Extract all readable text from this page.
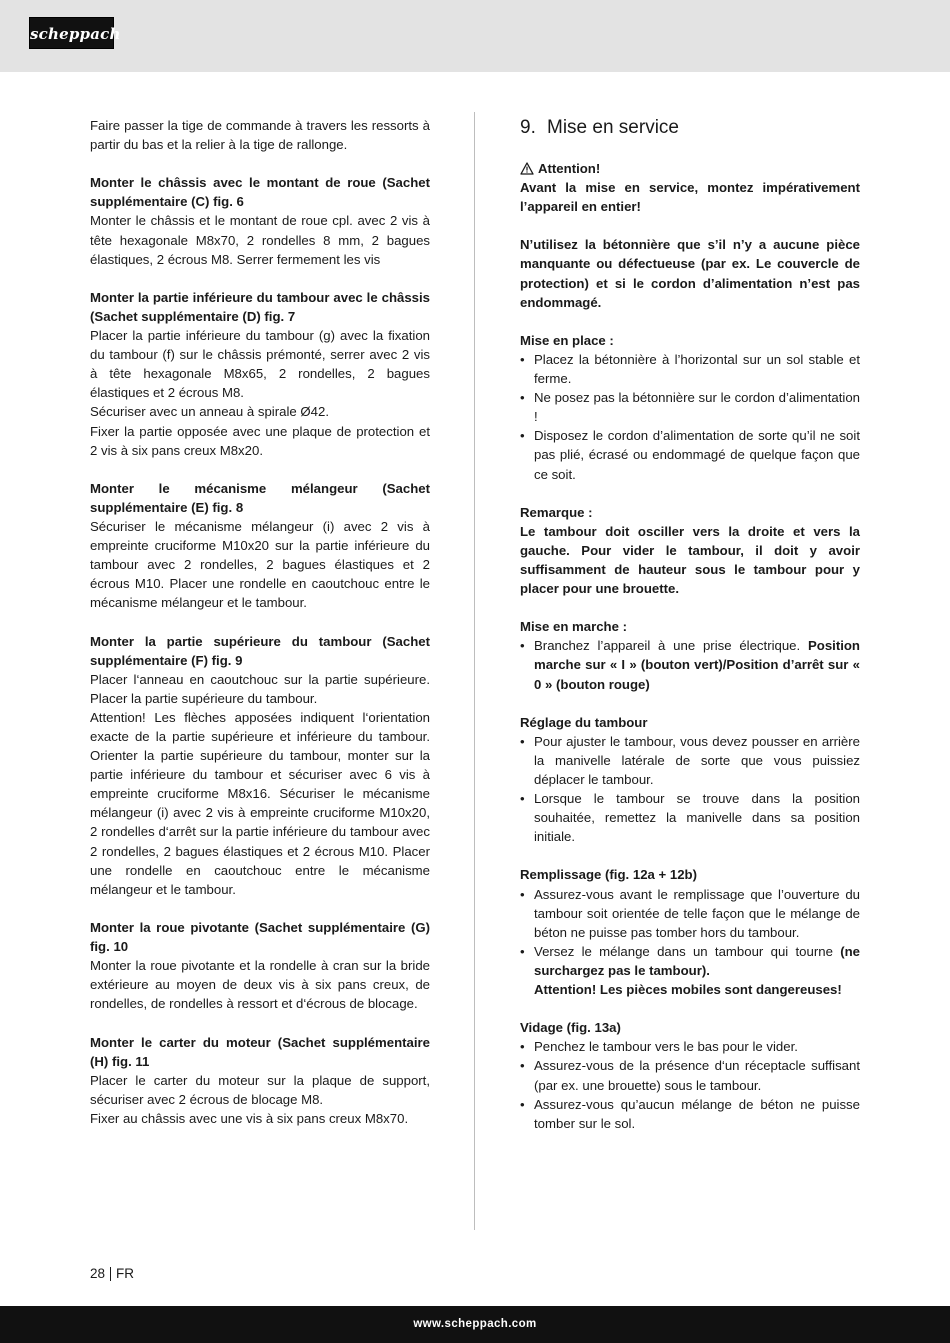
scheppach

Faire passer la tige de commande à travers les ressorts à partir du bas et la relier à la tige de rallonge.

Monter le châssis avec le montant de roue (Sachet supplémentaire (C) fig. 6

Monter le châssis et le montant de roue cpl. avec 2 vis à tête hexagonale M8x70, 2 rondelles 8 mm, 2 bagues élastiques, 2 écrous M8. Serrer fermement les vis

Monter la partie inférieure du tambour avec le châssis (Sachet supplémentaire (D) fig. 7

Placer la partie inférieure du tambour (g) avec la fixation du tambour (f) sur le châssis prémonté, serrer avec 2 vis à tête hexagonale M8x65, 2 rondelles, 2 bagues élastiques et 2 écrous M8.

Sécuriser avec un anneau à spirale Ø42.

Fixer la partie opposée avec une plaque de protection et 2 vis à six pans creux M8x20.

Monter le mécanisme mélangeur (Sachet supplémentaire (E) fig. 8

Sécuriser le mécanisme mélangeur (i) avec 2 vis à empreinte cruciforme M10x20 sur la partie inférieure du tambour avec 2 rondelles, 2 bagues élastiques et 2 écrous M10. Placer une rondelle en caoutchouc entre le mécanisme mélangeur et le tambour.

Monter la partie supérieure du tambour (Sachet supplémentaire (F) fig. 9

Placer l‘anneau en caoutchouc sur la partie supérieure. Placer la partie supérieure du tambour.

Attention! Les flèches apposées indiquent l‘orientation exacte de la partie supérieure et inférieure du tambour. Orienter la partie supérieure du tambour, monter sur la partie inférieure du tambour et sécuriser avec 6 vis à empreinte cruciforme M8x16. Sécuriser le mécanisme mélangeur (i) avec 2 vis à empreinte cruciforme M10x20, 2 rondelles d‘arrêt sur la partie inférieure du tambour avec 2 rondelles, 2 bagues élastiques et 2 écrous M10. Placer une rondelle en caoutchouc entre le mécanisme mélangeur et le tambour.

Monter la roue pivotante (Sachet supplémentaire (G) fig. 10

Monter la roue pivotante et la rondelle à cran sur la bride extérieure au moyen de deux vis à six pans creux, de rondelles, de rondelles à ressort et d‘écrous de blocage.

Monter le carter du moteur (Sachet supplémentaire (H) fig. 11

Placer le carter du moteur sur la plaque de support, sécuriser avec 2 écrous de blocage M8.

Fixer au châssis avec une vis à six pans creux M8x70.

9. Mise en service
Attention!

Avant la mise en service, montez impérativement l’appareil en entier!

N’utilisez la bétonnière que s’il n’y a aucune pièce manquante ou défectueuse (par ex. Le couvercle de protection) et si le cordon d’alimentation n’est pas endommagé.

Mise en place :

• Placez la bétonnière à l’horizontal sur un sol stable et ferme.
• Ne posez pas la bétonnière sur le cordon d’alimentation !
• Disposez le cordon d’alimentation de sorte qu’il ne soit pas plié, écrasé ou endommagé de quelque façon que ce soit.

Remarque :

Le tambour doit osciller vers la droite et vers la gauche. Pour vider le tambour, il doit y avoir suffisamment de hauteur sous le tambour pour y placer pour une brouette.

Mise en marche :

• Branchez l’appareil à une prise électrique. Position marche sur « I » (bouton vert)/Position d’arrêt sur « 0 » (bouton rouge)

Réglage du tambour

• Pour ajuster le tambour, vous devez pousser en arrière la manivelle latérale de sorte que vous puissiez déplacer le tambour.
• Lorsque le tambour se trouve dans la position souhaitée, remettez la manivelle dans sa position initiale.

Remplissage (fig. 12a + 12b)

• Assurez-vous avant le remplissage que l’ouverture du tambour soit orientée de telle façon que le mélange de béton ne puisse pas tomber hors du tambour.
• Versez le mélange dans un tambour qui tourne (ne surchargez pas le tambour).
Attention! Les pièces mobiles sont dangereuses!

Vidage (fig. 13a)

• Penchez le tambour vers le bas pour le vider.
• Assurez-vous de la présence d‘un réceptacle suffisant (par ex. une brouette) sous le tambour.
• Assurez-vous qu’aucun mélange de béton ne puisse tomber sur le sol.
28 FR
www.scheppach.com
